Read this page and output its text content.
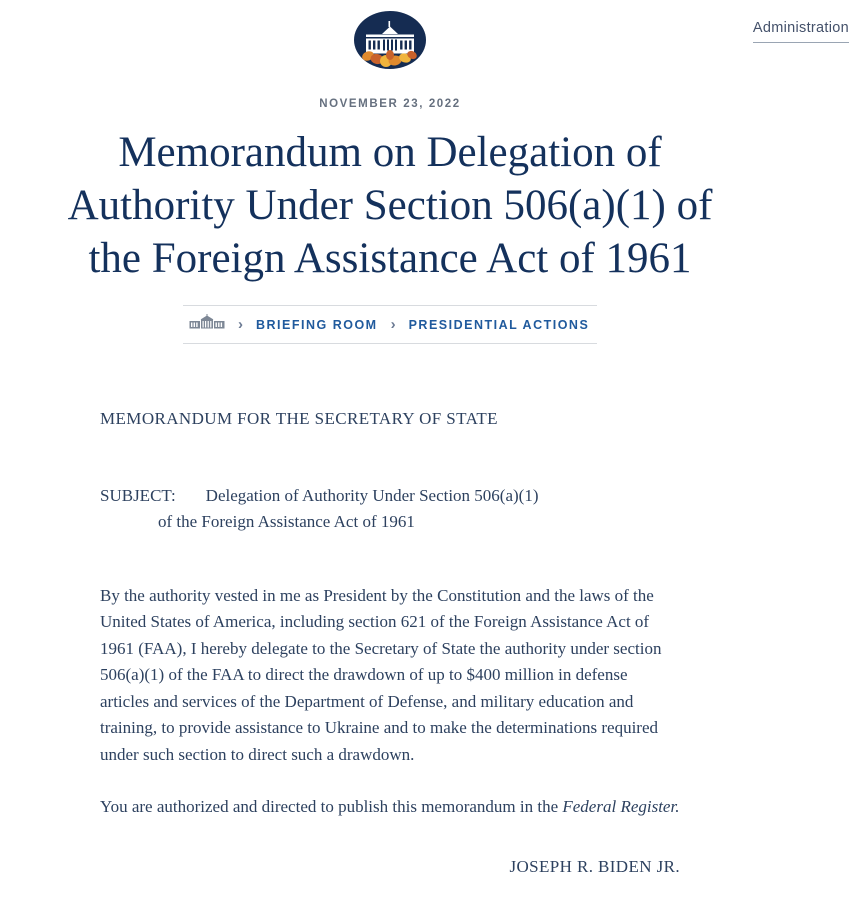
Administration
NOVEMBER 23, 2022
Memorandum on Delegation of
Authority Under Section 506(a)(1) of
the Foreign Assistance Act of 1961
› BRIEFING ROOM › PRESIDENTIAL ACTIONS

MEMORANDUM FOR THE SECRETARY OF STATE

SUBJECT: Delegation of Authority Under Section 506(a)(1)
of the Foreign Assistance Act of 1961

By the authority vested in me as President by the Constitution and the laws of the United States of America, including section 621 of the Foreign Assistance Act of 1961 (FAA), I hereby delegate to the Secretary of State the authority under section 506(a)(1) of the FAA to direct the drawdown of up to $400 million in defense articles and services of the Department of Defense, and military education and training, to provide assistance to Ukraine and to make the determinations required under such section to direct such a drawdown.

You are authorized and directed to publish this memorandum in the Federal Register.

JOSEPH R. BIDEN JR.
